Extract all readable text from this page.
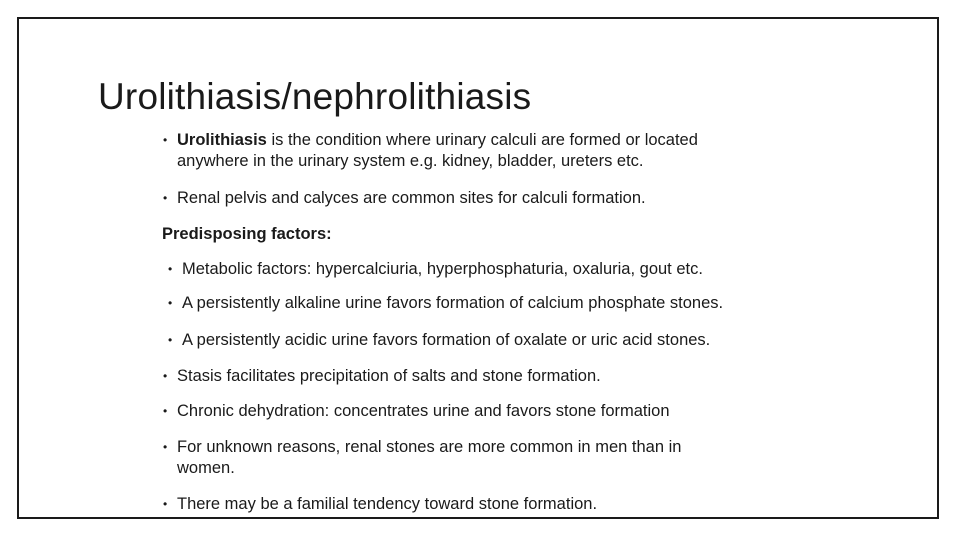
Urolithiasis/nephrolithiasis
• Urolithiasis is the condition where urinary calculi are formed or located
anywhere in the urinary system e.g. kidney, bladder, ureters etc.
• Renal pelvis and calyces are common sites for calculi formation.
Predisposing factors:
• Metabolic factors: hypercalciuria, hyperphosphaturia, oxaluria, gout etc.
• A persistently alkaline urine favors formation of calcium phosphate stones.
• A persistently acidic urine favors formation of oxalate or uric acid stones.
• Stasis facilitates precipitation of salts and stone formation.
• Chronic dehydration: concentrates urine and favors stone formation
• For unknown reasons, renal stones are more common in men than in
women.
• There may be a familial tendency toward stone formation.
